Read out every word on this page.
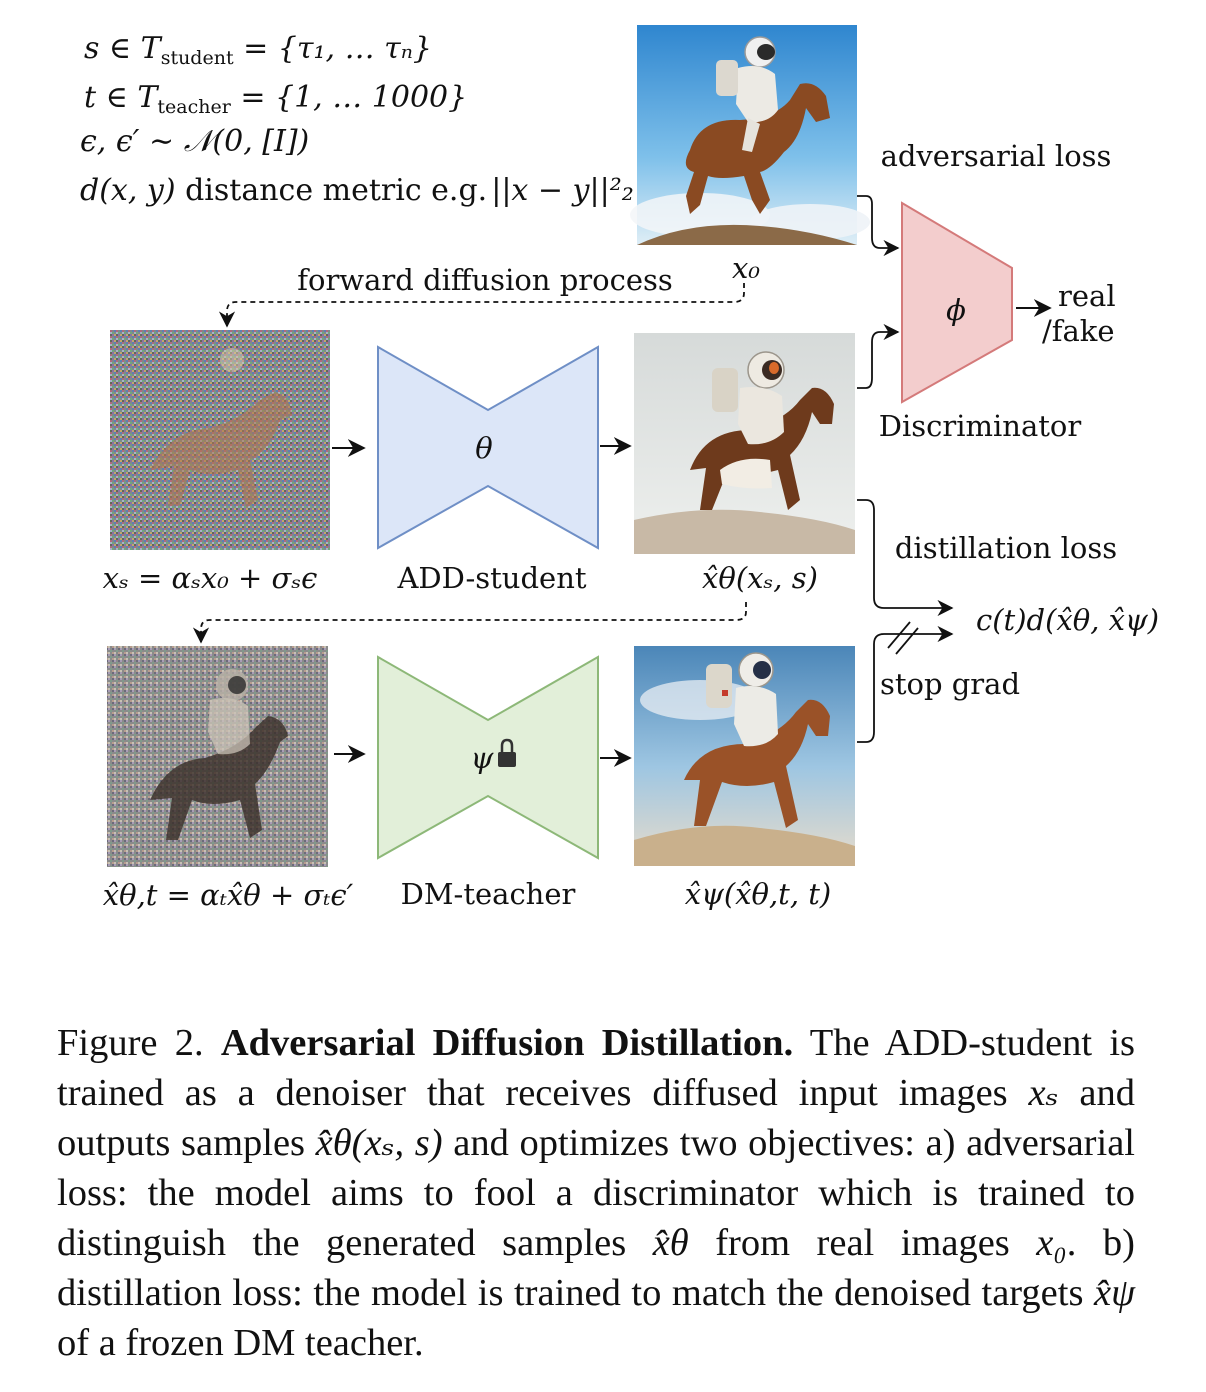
s ∈ $T_{student} = \{\tau_1$, … τₙ}
t ∈ $T_{teacher} = \{1$, … 1000}
ϵ, ϵ′ ∼ 𝒩(0, [I])
d(x, y) distance metric e.g. ||x − y||²₂
x₀
forward diffusion process
xₛ = αₛx₀ + σₛϵ
θ
ADD-student	x̂θ(xₛ, s)
ϕ
Discriminator
adversarial loss
real
/fake
distillation loss
c(t)d(x̂θ, x̂ψ)
stop grad
x̂θ,t = αₜx̂θ + σₜϵ′
ψ
DM-teacher	x̂ψ(x̂θ,t, t)
Figure 2. Adversarial Diffusion Distillation. The ADD-student is trained as a denoiser that receives diffused input images xₛ and outputs samples x̂θ(xₛ, s) and optimizes two objectives: a) adversarial loss: the model aims to fool a discriminator which is trained to distinguish the generated samples x̂θ from real images x₀. b) distillation loss: the model is trained to match the denoised targets x̂ψ of a frozen DM teacher.
